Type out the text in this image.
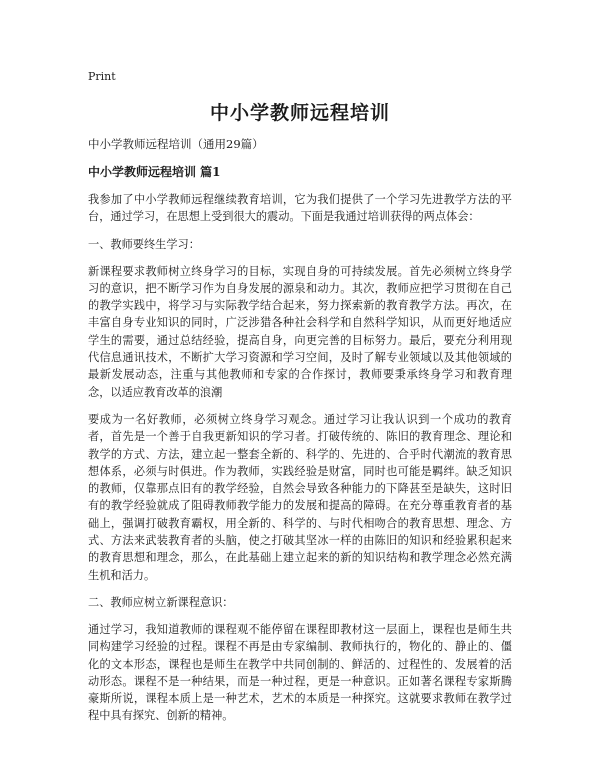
Print
中小学教师远程培训
中小学教师远程培训（通用29篇）
中小学教师远程培训 篇1

我参加了中小学教师远程继续教育培训，它为我们提供了一个学习先进教学方法的平台，通过学习，在思想上受到很大的震动。下面是我通过培训获得的两点体会：

一、教师要终生学习：

新课程要求教师树立终身学习的目标，实现自身的可持续发展。首先必须树立终身学习的意识，把不断学习作为自身发展的源泉和动力。其次，教师应把学习贯彻在自己的教学实践中，将学习与实际教学结合起来，努力探索新的教育教学方法。再次，在丰富自身专业知识的同时，广泛涉猎各种社会科学和自然科学知识，从而更好地适应学生的需要，通过总结经验，提高自身，向更完善的目标努力。最后，要充分利用现代信息通讯技术，不断扩大学习资源和学习空间，及时了解专业领域以及其他领域的最新发展动态，注重与其他教师和专家的合作探讨，教师要秉承终身学习和教育理念，以适应教育改革的浪潮

要成为一名好教师，必须树立终身学习观念。通过学习让我认识到一个成功的教育者，首先是一个善于自我更新知识的学习者。打破传统的、陈旧的教育理念、理论和教学的方式、方法，建立起一整套全新的、科学的、先进的、合乎时代潮流的教育思想体系，必须与时俱进。作为教师，实践经验是财富，同时也可能是羁绊。缺乏知识的教师，仅靠那点旧有的教学经验，自然会导致各种能力的下降甚至是缺失，这时旧有的教学经验就成了阻碍教师教学能力的发展和提高的障碍。在充分尊重教育者的基础上，强调打破教育霸权，用全新的、科学的、与时代相吻合的教育思想、理念、方式、方法来武装教育者的头脑，使之打破其坚冰一样的由陈旧的知识和经验累积起来的教育思想和理念，那么，在此基础上建立起来的新的知识结构和教学理念必然充满生机和活力。

二、教师应树立新课程意识：

通过学习，我知道教师的课程观不能停留在课程即教材这一层面上，课程也是师生共同构建学习经验的过程。课程不再是由专家编制、教师执行的，物化的、静止的、僵化的文本形态，课程也是师生在教学中共同创制的、鲜活的、过程性的、发展着的活动形态。课程不是一种结果，而是一种过程，更是一种意识。正如著名课程专家斯腾豪斯所说，课程本质上是一种艺术，艺术的本质是一种探究。这就要求教师在教学过程中具有探究、创新的精神。
